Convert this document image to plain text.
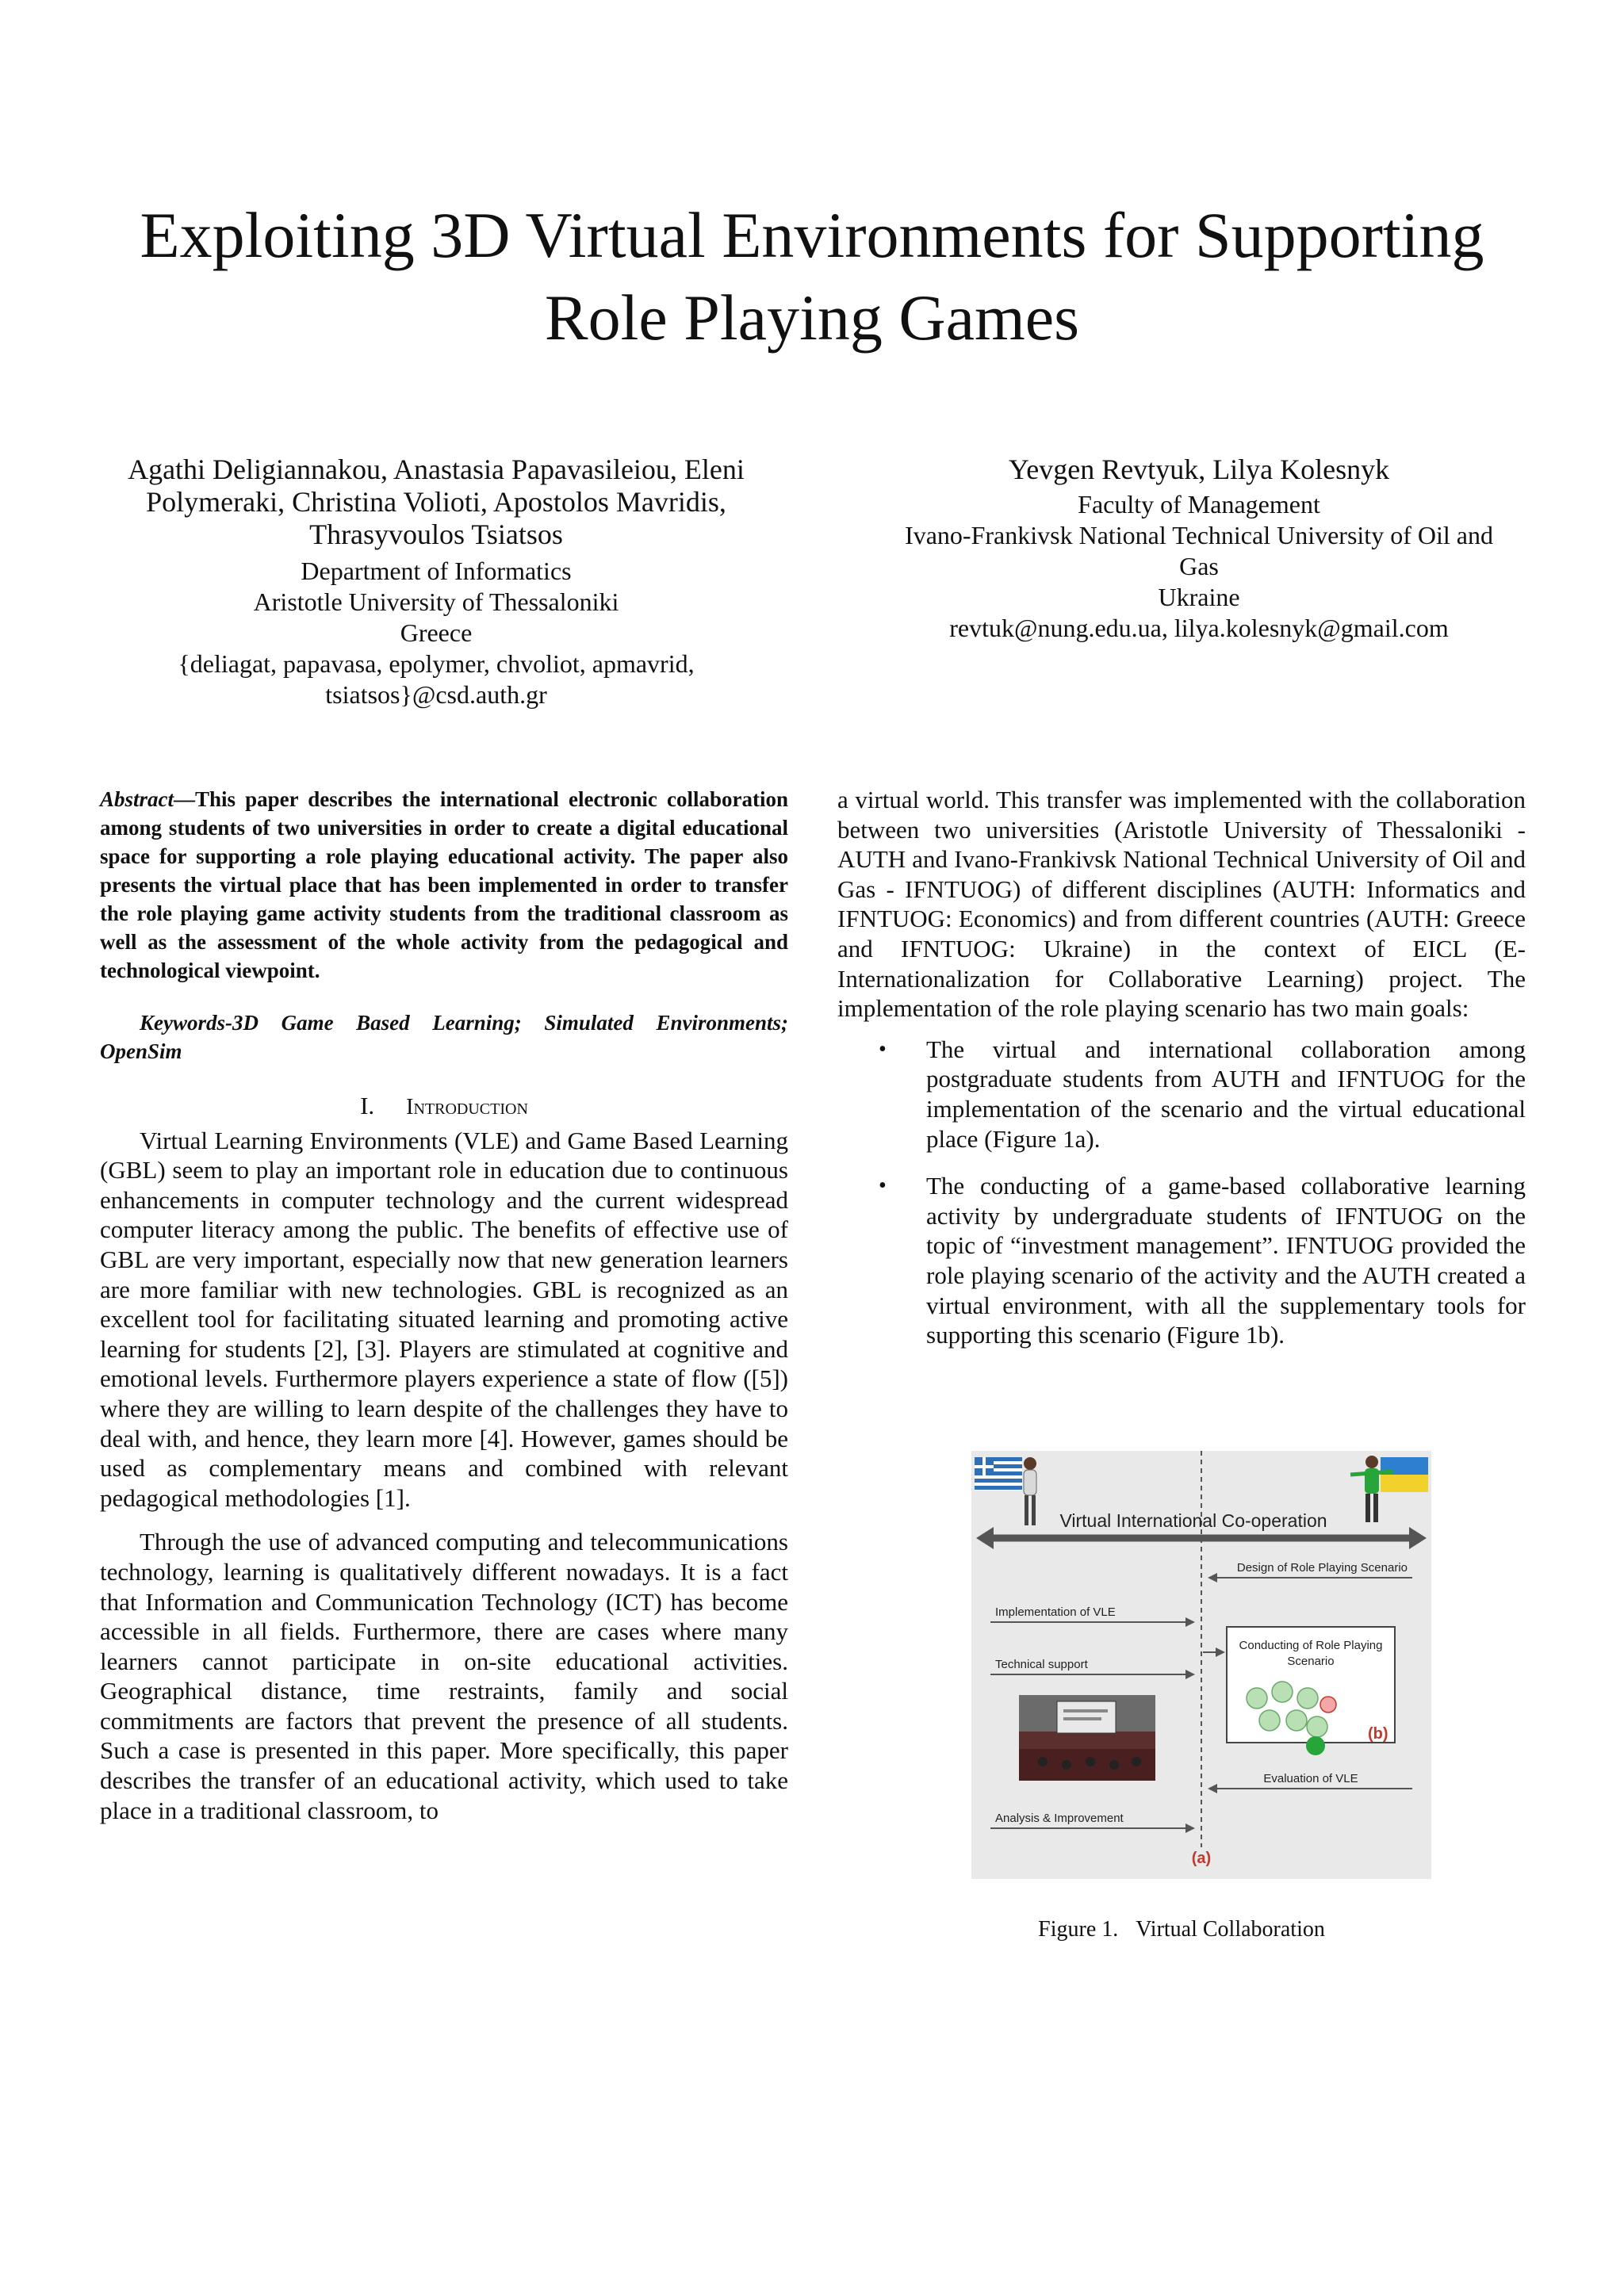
Exploiting 3D Virtual Environments for Supporting
Role Playing Games
Agathi Deligiannakou, Anastasia Papavasileiou, Eleni
Polymeraki, Christina Volioti, Apostolos Mavridis,
Thrasyvoulos Tsiatsos
Department of Informatics
Aristotle University of Thessaloniki
Greece
{deliagat, papavasa, epolymer, chvoliot, apmavrid,
tsiatsos}@csd.auth.gr
Yevgen Revtyuk, Lilya Kolesnyk
Faculty of Management
Ivano-Frankivsk National Technical University of Oil and
Gas
Ukraine
revtuk@nung.edu.ua, lilya.kolesnyk@gmail.com

Abstract—This paper describes the international electronic collaboration among students of two universities in order to create a digital educational space for supporting a role playing educational activity. The paper also presents the virtual place that has been implemented in order to transfer the role playing game activity students from the traditional classroom as well as the assessment of the whole activity from the pedagogical and technological viewpoint.

Keywords-3D Game Based Learning; Simulated Environments; OpenSim

I. Introduction

Virtual Learning Environments (VLE) and Game Based Learning (GBL) seem to play an important role in education due to continuous enhancements in computer technology and the current widespread computer literacy among the public. The benefits of effective use of GBL are very important, especially now that new generation learners are more familiar with new technologies. GBL is recognized as an excellent tool for facilitating situated learning and promoting active learning for students [2], [3]. Players are stimulated at cognitive and emotional levels. Furthermore players experience a state of flow ([5]) where they are willing to learn despite of the challenges they have to deal with, and hence, they learn more [4]. However, games should be used as complementary means and combined with relevant pedagogical methodologies [1].

Through the use of advanced computing and telecommunications technology, learning is qualitatively different nowadays. It is a fact that Information and Communication Technology (ICT) has become accessible in all fields. Furthermore, there are cases where many learners cannot participate in on-site educational activities. Geographical distance, time restraints, family and social commitments are factors that prevent the presence of all students. Such a case is presented in this paper. More specifically, this paper describes the transfer of an educational activity, which used to take place in a traditional classroom, to

a virtual world. This transfer was implemented with the collaboration between two universities (Aristotle University of Thessaloniki - AUTH and Ivano-Frankivsk National Technical University of Oil and Gas - IFNTUOG) of different disciplines (AUTH: Informatics and IFNTUOG: Economics) and from different countries (AUTH: Greece and IFNTUOG: Ukraine) in the context of EICL (E-Internationalization for Collaborative Learning) project. The implementation of the role playing scenario has two main goals:

• The virtual and international collaboration among postgraduate students from AUTH and IFNTUOG for the implementation of the scenario and the virtual educational place (Figure 1a).

• The conducting of a game-based collaborative learning activity by undergraduate students of IFNTUOG on the topic of “investment management”. IFNTUOG provided the role playing scenario of the activity and the AUTH created a virtual environment, with all the supplementary tools for supporting this scenario (Figure 1b).

Virtual International Co-operation
Design of Role Playing Scenario
Implementation of VLE
Technical support
Conducting of Role Playing
Scenario
(b)
Evaluation of VLE
Analysis & Improvement
(a)
Figure 1. Virtual Collaboration
